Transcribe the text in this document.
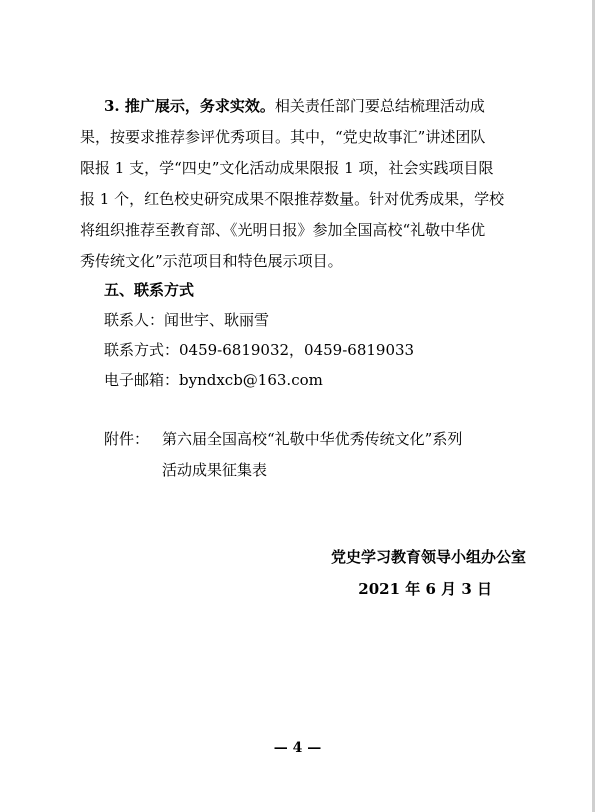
3. 推广展示，务求实效。相关责任部门要总结梳理活动成
果，按要求推荐参评优秀项目。其中，“党史故事汇”讲述团队
限报 1 支，学“四史”文化活动成果限报 1 项，社会实践项目限
报 1 个，红色校史研究成果不限推荐数量。针对优秀成果，学校
将组织推荐至教育部、《光明日报》参加全国高校“礼敬中华优
秀传统文化”示范项目和特色展示项目。
五、联系方式
联系人：闻世宇、耿丽雪
联系方式：0459-6819032，0459-6819033
电子邮箱：byndxcb@163.com
附件： 第六届全国高校“礼敬中华优秀传统文化”系列
活动成果征集表
党史学习教育领导小组办公室
2021 年 6 月 3 日
— 4 —
